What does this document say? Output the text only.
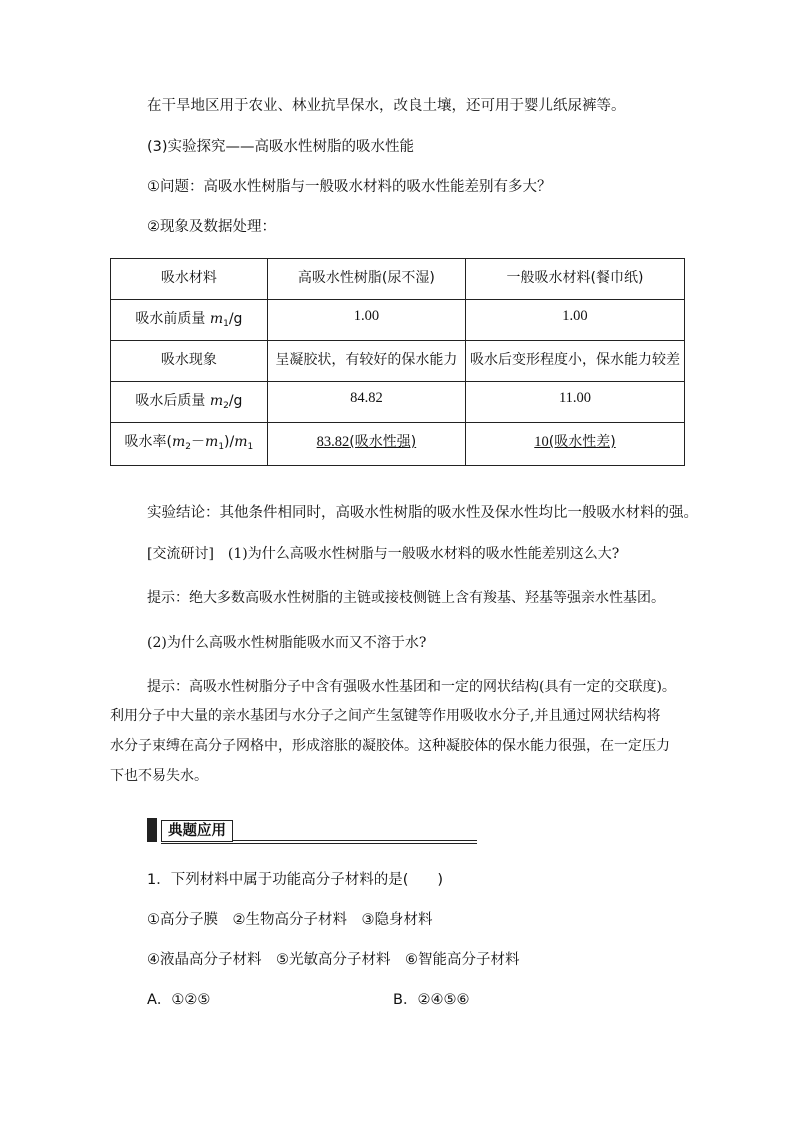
在干旱地区用于农业、林业抗旱保水，改良土壤，还可用于婴儿纸尿裤等。
(3)实验探究——高吸水性树脂的吸水性能
①问题：高吸水性树脂与一般吸水材料的吸水性能差别有多大？
②现象及数据处理：
吸水材料	高吸水性树脂(尿不湿)	一般吸水材料(餐巾纸)
吸水前质量 $m_1/g$	1.00	1.00
吸水现象	呈凝胶状，有较好的保水能力	吸水后变形程度小，保水能力较差
吸水后质量 $m_2/g$	84.82	11.00
吸水率$(m_2-m_1)/m_1$	83.82(吸水性强)	10(吸水性差)
实验结论：其他条件相同时，高吸水性树脂的吸水性及保水性均比一般吸水材料的强。
[交流研讨]　(1)为什么高吸水性树脂与一般吸水材料的吸水性能差别这么大?
提示：绝大多数高吸水性树脂的主链或接枝侧链上含有羧基、羟基等强亲水性基团。
(2)为什么高吸水性树脂能吸水而又不溶于水?
提示：高吸水性树脂分子中含有强吸水性基团和一定的网状结构(具有一定的交联度)。
利用分子中大量的亲水基团与水分子之间产生氢键等作用吸收水分子,并且通过网状结构将
水分子束缚在高分子网格中，形成溶胀的凝胶体。这种凝胶体的保水能力很强，在一定压力
下也不易失水。
典题应用
1．下列材料中属于功能高分子材料的是(　　)
①高分子膜　②生物高分子材料　③隐身材料
④液晶高分子材料　⑤光敏高分子材料　⑥智能高分子材料
A．①②⑤	B．②④⑤⑥
